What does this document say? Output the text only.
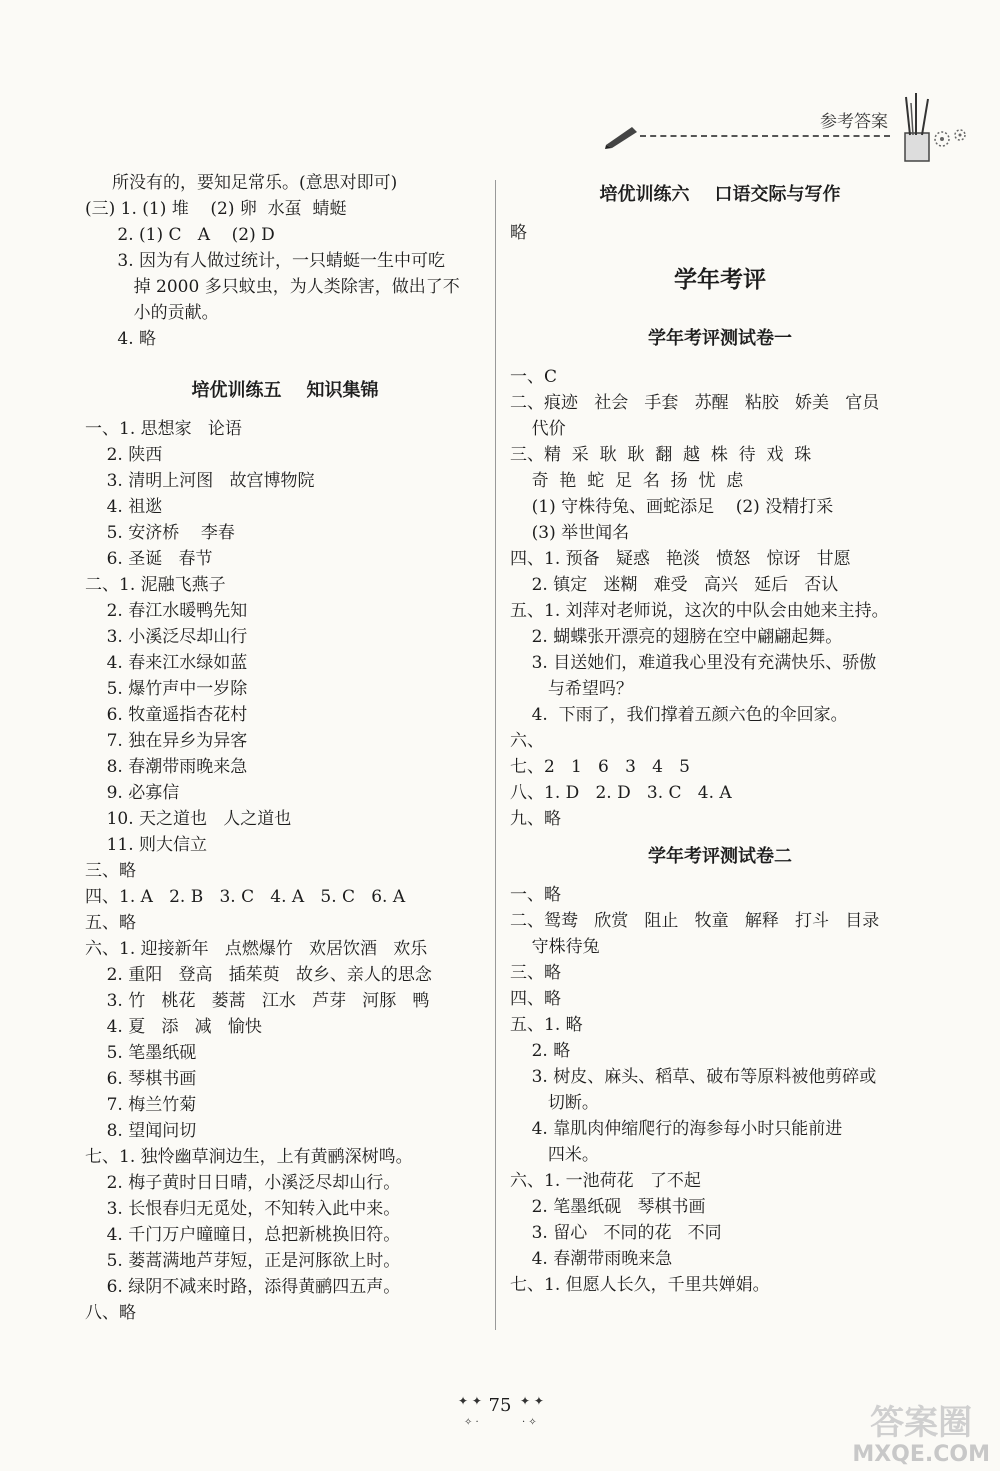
参考答案
所没有的，要知足常乐。(意思对即可)
(三) 1. (1) 堆    (2) 卵  水虿  蜻蜓
2. (1) C   A    (2) D
3. 因为有人做过统计，一只蜻蜓一生中可吃
掉 2000 多只蚊虫，为人类除害，做出了不
小的贡献。
4. 略
培优训练五    知识集锦
一、1. 思想家   论语
2. 陕西
3. 清明上河图   故宫博物院
4. 祖逖
5. 安济桥    李春
6. 圣诞   春节
二、1. 泥融飞燕子
2. 春江水暖鸭先知
3. 小溪泛尽却山行
4. 春来江水绿如蓝
5. 爆竹声中一岁除
6. 牧童遥指杏花村
7. 独在异乡为异客
8. 春潮带雨晚来急
9. 必寡信
10. 天之道也   人之道也
11. 则大信立
三、略
四、1. A   2. B   3. C   4. A   5. C   6. A
五、略
六、1. 迎接新年   点燃爆竹   欢居饮酒   欢乐
2. 重阳   登高   插茱萸   故乡、亲人的思念
3. 竹   桃花   蒌蒿   江水   芦芽   河豚   鸭
4. 夏   添   减   愉快
5. 笔墨纸砚
6. 琴棋书画
7. 梅兰竹菊
8. 望闻问切
七、1. 独怜幽草涧边生，上有黄鹂深树鸣。
2. 梅子黄时日日晴，小溪泛尽却山行。
3. 长恨春归无觅处，不知转入此中来。
4. 千门万户曈曈日，总把新桃换旧符。
5. 蒌蒿满地芦芽短，正是河豚欲上时。
6. 绿阴不减来时路，添得黄鹂四五声。
八、略
培优训练六    口语交际与写作
略
学年考评
学年考评测试卷一
一、C
二、痕迹   社会   手套   苏醒   粘胶   娇美   官员
代价
三、精  采  耿  耿  翻  越  株  待  戏  珠
奇  艳  蛇  足  名  扬  忧  虑
(1) 守株待兔、画蛇添足    (2) 没精打采
(3) 举世闻名
四、1. 预备   疑惑   艳淡   愤怒   惊讶   甘愿
2. 镇定   迷糊   难受   高兴   延后   否认
五、1. 刘萍对老师说，这次的中队会由她来主持。
2. 蝴蝶张开漂亮的翅膀在空中翩翩起舞。
3. 目送她们，难道我心里没有充满快乐、骄傲
与希望吗？
4.  下雨了，我们撑着五颜六色的伞回家。
六、
七、2   1   6   3   4   5
八、1. D   2. D   3. C   4. A
九、略
学年考评测试卷二
一、略
二、鸳鸯   欣赏   阻止   牧童   解释   打斗   目录
守株待兔
三、略
四、略
五、1. 略
2. 略
3. 树皮、麻头、稻草、破布等原料被他剪碎或
切断。
4. 靠肌肉伸缩爬行的海参每小时只能前进
四米。
六、1. 一池荷花   了不起
2. 笔墨纸砚   琴棋书画
3. 留心   不同的花   不同
4. 春潮带雨晚来急
七、1. 但愿人长久，千里共婵娟。
✦ ✦	✦ ✦
✧ ·	· ✧
75	答案圈
MXQE.COM
